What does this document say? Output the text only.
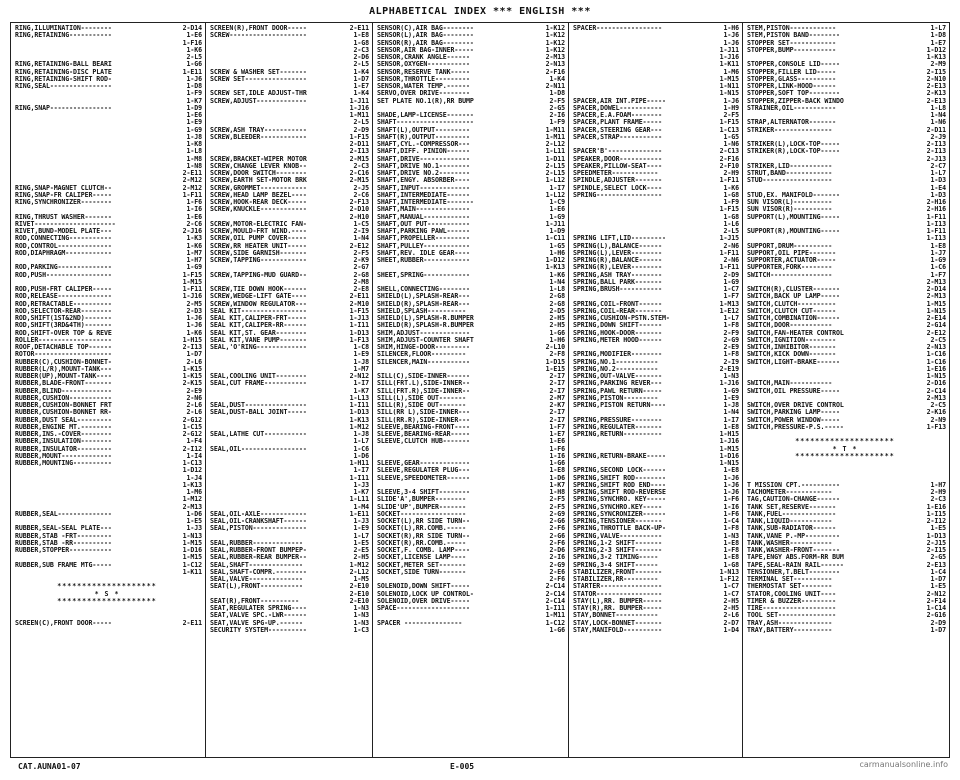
ALPHABETICAL INDEX *** ENGLISH ***
RING,ILLUMINATION--------	2-D14
RING,RETAINING-----------	1-E6
1-F16
1-K6
2-L5
RING,RETAINING-BALL BEARI	1-G6
RING,RETAINING-DISC PLATE	1-E11
RING,RETAINING-SHIFT ROD-	1-J6
RING,SEAL----------------	1-D8
1-F9
1-K7
RING,SNAP----------------	1-D9
1-E6
1-E9
1-G9
1-J8
1-K8
1-L8
1-M8
1-N8
2-E11
2-M12
RING,SNAP-MAGNET CLUTCH--	2-M12
RING,SNAP-FR CALIPER-----	1-F11
RING,SYNCHRONIZER--------	1-F6
1-I6
RING,THRUST WASHER-------	1-E6
RIVET---------------------	2-C6
RIVET,BUND-MODEL PLATE---	2-J16
ROD,CONNECTING-----------	1-K3
ROD,CONTROL--------------	1-K6
ROD,DIAPHRAGM------------	1-M7
1-H7
ROD,PARKING--------------	1-G9
ROD,PUSH-----------------	1-F15
1-M15
ROD,PUSH-FRT CALIPER-----	1-F11
ROD,RELEASE--------------	1-J16
ROD,RETRACTABLE----------	2-M5
ROD,SELECTOR-REAR--------	2-D3
ROD,SHIFT(1ST&2ND)-------	1-J6
ROD,SHIFT(3RD&4TH)-------	1-J6
ROD,SHIFT-OVER TOP & REVE	1-K6
ROLLER-------------------	1-H15
ROOF,DETACHABLE TOP------	2-I13
ROTOR--------------------	1-D7
RUBBER(C),CUSHION-BONNET-	2-L6
RUBBER(L/R),MOUNT-TANK---	1-K15
RUBBER(UP),MOUNT-TANK----	1-K15
RUBBER,BLADE-FRONT-------	2-K15
RUBBER,BLIND-------------	2-E9
RUBBER,CUSHION-----------	2-N6
RUBBER,CUSHION-BONNET FRT	2-L6
RUBBER,CUSHION-BONNET RR-	2-L6
RUBBER,DUST SEAL---------	2-G12
RUBBER,ENGINE MT.--------	1-C15
RUBBER,INS.-COVER--------	2-G12
RUBBER,INSULATION--------	1-F4
RUBBER,INSULATOR---------	2-I12
RUBBER,MOUNT-------------	1-I4
RUBBER,MOUNTING----------	1-C13
1-D12
1-J4
1-K13
1-M6
1-M12
2-M13
RUBBER,SEAL--------------	1-D6
1-E5
RUBBER,SEAL-SEAL PLATE---	1-J3
RUBBER,STAB -FRT---------	1-N13
RUBBER,STAB -RR----------	1-M15
RUBBER,STOPPER-----------	1-D16
1-M15
RUBBER,SUB FRAME MTG-----	1-C12
1-K11
********************
* S *
********************
SCREEN(C),FRONT DOOR-----	2-E11
SCREEN(R),FRONT DOOR-----	2-E11
SCREW--------------------	1-E8
1-G8
2-C3
2-D6
2-L5
SCREW & WASHER SET-------	1-K4
SCREW SET----------------	1-D7
1-E7
SCREW SET,IDLE ADJUST-THR	1-K4
SCREW,ADJUST-------------	1-J11
1-J16
1-M11
2-L5
SCREW,ASH TRAY-----------	2-D9
SCREW,BLEEDER------------	1-F15
2-D11
2-I13
SCREW,BRACKET-WIPER MOTOR	2-M15
SCREW,CHANGE LEVER KNOB--	2-C3
SCREW,DOOR SWITCH--------	2-C16
SCREW,EARTH SET-MOTOR BRK	2-M15
SCREW,GROMMET------------	2-J5
SCREW,HEAD LAMP BEZEL----	2-C6
SCREW,HOOK-REAR DECK-----	2-F13
SCREW,KNUCKLE------------	2-D10
2-H10
SCREW,MOTOR-ELECTRIC FAN-	1-C5
SCREW,MOULD-FRT WIND.----	2-I9
SCREW,OIL PUMP COVER-----	1-N4
SCREW,RR HEATER UNIT-----	2-E12
SCREW,SIDE GARNISH-------	2-F5
SCREW,TAPPING------------	2-K9
2-G7
SCREW,TAPPING-MUD GUARD--	2-G8
2-M8
SCREW,TIE DOWN HOOK------	2-E8
SCREW,WEDGE-LIFT GATE----	2-E11
SCREW,WINDOW REGULATOR---	2-M10
SEAL KIT-----------------	1-F15
SEAL KIT,CALIPER-FRT-----	1-J13
SEAL KIT,CALIPER-RR------	1-I11
SEAL KIT,ST. GEAR--------	1-D13
SEAL KIT,VANE PUMP-------	1-F13
SEAL,'O'RING-------------	1-C8
1-E9
1-J8
1-M7
SEAL,COOLING UNIT--------	2-N12
SEAL,CUT FRAME-----------	1-I7
1-K7
1-L13
SEAL,DUST----------------	1-I11
SEAL,DUST-BALL JOINT-----	1-D13
1-K13
1-M12
SEAL,LATHE CUT-----------	1-J8
1-L7
SEAL,OIL-----------------	1-C6
1-D6
1-H11
1-I7
1-I11
1-J3
1-K7
1-L11
1-M4
SEAL,OIL-AXLE------------	1-E11
SEAL,OIL-CRANKSHAFT------	1-J3
SEAL,PISTON--------------	1-E9
1-L7
SEAL,RUBBER-------------	1-E5
SEAL,RUBBER-FRONT BUMPEP-	2-E5
SEAL,RUBBER-REAR BUMPER--	2-H5
SEAL,SHAFT--------------	1-M12
SEAL,SHAFT-COMPR.--------	2-L12
SEAL,VALVE--------------	1-M5
SEAT(L),FRONT-----------	2-E10
2-E10
SEAT(R),FRONT----------	2-E10
SEAT,REGULATER SPRING----	1-N3
SEAT,VALVE SPC.-LWR------	1-N3
SEAT,VALVE SPG-UP.------	1-N3
SECURITY SYSTEM----------	1-C3
SENSOR(C),AIR BAG--------	1-K12
SENSOR(L),AIR BAG--------	1-K12
SENSOR(R),AIR BAG--------	1-K12
SENSOR,AIR BAG-INNER-----	1-K12
SENSOR,CRANK ANGLE------	2-M13
SENSOR,OXYGEN-----------	2-N13
SENSOR,RESERVE TANK-----	2-F16
SENSOR,THROTTLE---------	1-K4
SENSOR,WATER TEMP.------	2-N11
SERVO,OVER DRIVE--------	1-D8
SET PLATE NO.1(R),RR BUMP	2-F5
2-G5
SHADE,LAMP-LICENSE-------	2-I6
SHAFT--------------------	1-F9
SHAFT(L),OUTPUT---------	1-M11
SHAFT(R),OUTPUT---------	1-M11
SHAFT,CYL.-COMPRESSOR---	2-L12
SHAFT,DIFF. PINION------	1-L11
SHAFT,DRIVE-------------	1-D11
SHAFT,DRIVE NO.1--------	2-L15
SHAFT,DRIVE NO.2--------	2-L15
SHAFT,ENGY. ABSORBER----	1-L12
SHAFT,INPUT-------------	1-I7
SHAFT,INTERMEDIATE------	1-L12
SHAFT,INTERMEDIATE-------	1-C9
SHAFT,MAIN--------------	1-E6
SHAFT,MANUAL------------	1-G9
SHAFT,OUT PUT-----------	1-J11
SHAFT,PARKING PAWL------	1-D9
SHAFT,PROPELLER---------	1-C11
SHAFT,PULLEY------------	1-G5
SHAFT,REV. IDLE GEAR----	1-H6
SHEET,RUBBER------------	1-D12
1-K13
SHEET,SPRING------------	1-K6
1-N4
SHELL,CONNECTING--------	1-L8
SHIELD(L),SPLASH-REAR---	2-G8
SHIELD(R),SPLASH-REAR---	2-G8
SHIELD,SPLASH----------	2-D5
SHIELD(L),SPLASH-R.BUMPER	2-H5
SHIELD(R),SPLASH-R.BUMPER	2-H5
SHIM,ADJUST-------------	1-G6
SHIM,ADJUST-COUNTER SHAFT	1-H6
SHIM,HINGE-DOOR---------	2-L10
SILENCER,FLOOR---------	2-F8
SILENCER,MAIN-----------	1-D15
1-E15
SILL(C),SIDE-INNER------	2-I7
SILL(FRT.L),SIDE-INNER--	2-I7
SILL(FRT.R),SIDE-INNER--	2-I7
SILL(L),SIDE OUT-------	2-M7
SILL(R),SIDE OUT-------	2-K7
SILL(RR L),SIDE-INNER---	2-I7
SILL(RR.R),SIDE-INNER---	2-I7
SLEEVE,BEARING-FRONT----	1-F7
SLEEVE,BEARING-REAR-----	1-E7
SLEEVE,CLUTCH HUB-------	1-E6
1-F6
1-I6
SLEEVE,GEAR-------------	1-G6
SLEEVE,REGULATER PLUG---	1-E8
SLEEVE,SPEEDOMETER------	1-D6
1-K7
SLEEVE,3-4 SHIFT--------	1-H8
SLIDE'A',BUMPER--------	2-F5
SLIDE'UP',BUMPER-------	2-F5
SOCKET-----------------	2-G9
SOCKET(L),RR SIDE TURN--	2-G6
SOCKET(L),RR.COMB.-----	2-F6
SOCKET(R),RR SIDE TURN--	2-G6
SOCKET(R),RR.COMB.-----	2-F6
SOCKET,F. COMB. LAMP----	2-D6
SOCKET,LICENSE LAMP----	2-I6
SOCKET,METER SET-------	2-G9
SOCKET,SIDE TURN-------	2-E6
2-F6
SOLENOID,DOWN SHIFT-----	2-C14
SOLENOID,LOCK UP CONTROL-	2-C14
SOLENOID,OVER DRIVE-----	2-C14
SPACE-------------------	1-I11
1-M11
SPACER ---------------	1-C12
1-G6
SPACER-----------------	1-H6
1-J6
1-J6
1-J11
1-J16
1-K11
1-M6
1-M15
1-N11
1-N15
SPACER,AIR INT.PIPE-----	1-J6
SPACER,DOWEL-----------	1-H9
SPACER,E.A.FOAM--------	2-F5
SPACER,PLANT FRAME-----	1-F15
SPACER,STEERING GEAR---	1-C13
SPACER,STRAP-----------	1-G5
1-N6
SPACER'B'--------------	2-C13
SPEAKER,DOOR-----------	2-F16
SPEAKER,PILLOW-SEAT----	2-F10
SPEEDMETER------------	2-H9
SPINDLE,ADJUSTER-------	1-F11
SPINDLE,SELECT LOCK----	1-K6
SPRING-----------------	1-G8
1-F9
1-F15
1-G8
1-L6
2-L5
SPRING LIFT,LID---------	1-J15
SPRING(L),BALANCE------	2-N6
SPRING(L),LEVER--------	1-F11
SPRING(R),BALANCE------	2-N6
SPRING(R),LEVER--------	1-F11
SPRING,ASH TRAY--------	2-D9
SPRING,BALL PARK-------	1-G9
SPRING,BRUSH-----------	1-C7
1-F7
SPRING,COIL-FRONT------	1-M13
SPRING,COIL-REAR-------	1-E12
SPRING,CUSHION-PSTN.STEM-	1-L7
SPRING,DOWN SHIFT------	1-F8
SPRING,HOOK-DOOR-------	2-F9
SPRING,METER HOOD------	2-G9
2-E9
SPRING,MODIFIER--------	1-F8
SPRING,NO.1-----------	2-I9
SPRING,NO.2-----------	2-E19
SPRING,OUT-VALVE-------	1-N3
SPRING,PARKING REVER---	1-J16
SPRING,PAWL RETURN-----	1-G9
SPRING,PISTON---------	1-E9
SPRING,PISTON RETURN----	1-J8
1-N4
SPRING,PRESSURE--------	1-I7
SPRING,REGULATER-------	1-E8
SPRING,RETURN----------	1-H15
1-J16
1-M15
SPRING,RETURN-BRAKE-----	1-D16
1-N15
SPRING,SECOND LOCK------	1-E8
SPRING,SHIFT ROD--------	1-J6
SPRING,SHIFT ROD END----	1-J6
SPRING,SHIFT ROD-REVERSE	1-J6
SPRING,SYNCHRO. KEY-----	1-F6
SPRING,SYNCHRO.KEY-----	1-I6
SPRING,SYNCRONIZER------	1-F6
SPRING,TENSIONER-------	1-C4
SPRING,THROTTLE BACK-UP-	1-F8
SPRING,VALVE-----------	1-N3
SPRING,1-2 SHIFT-------	1-E8
SPRING,2-3 SHIFT-------	1-F8
SPRING,3-2 TIMING-----	1-E8
SPRING,3-4 SHIFT------	1-G8
STABILIZER,FRONT-------	1-N13
STABILIZER,RR---------	1-F12
STARTER----------------	1-C7
STATOR-----------------	1-C7
STAY(L),RR. BUMPER-----	2-H5
STAY(R),RR. BUMPER-----	2-H5
STAY,BONNET-----------	2-L6
STAY,LOCK-BONNET-------	2-D7
STAY,MANIFOLD----------	1-D4
STEM,PISTON------------	1-L7
STEM,PISTON BAND--------	1-D8
STOPPER SET------------	1-E7
STOPPER,BUMP-----------	1-D12
1-K13
STOPPER,CONSOLE LID-----	2-M9
STOPPER,FILLER LID-----	2-I15
STOPPER,GLASS----------	2-N10
STOPPER,LINK-HOOD------	2-E13
STOPPER,SOFT TOP--------	2-K13
STOPPER,ZIPPER-BACK WINDO	2-E13
STRAINER,OIL-----------	1-L8
1-N4
STRAP,ALTERNATOR-------	1-N6
STRIKER---------------	2-D11
2-J9
STRIKER(L),LOCK-TOP-----	2-I13
STRIKER(R),LOCK-TOP-----	2-I13
2-J13
STRIKER,LID-----------	2-C7
STRUT,BAND------------	1-L7
STUD------------------	1-D3
1-E4
STUD,EX. MANIFOLD-------	1-D3
SUN VISOR(L)----------	2-H16
SUN VISOR(R)----------	2-H16
SUPPORT(L),MOUNTING-----	1-F11
1-I13
SUPPORT(R),MOUNTING-----	1-F11
1-I13
SUPPORT,DRUM----------	1-E8
SUPPORT,OIL PIPE-------	1-J7
SUPPORTER,ACTUATOR-----	1-G9
SUPPORTER,FORK--------	1-C6
SWITCH----------------	1-F7
2-M13
SWITCH(R),CLUSTER-------	2-D14
SWITCH,BACK UP LAMP-----	2-M13
SWITCH,CLUTCH----------	1-M15
SWITCH,CLUTCH CUT------	1-N15
SWITCH,COMBINATION------	2-E14
SWITCH,DOOR-----------	2-G14
SWITCH,FAN-HEATER CONTROL	2-E12
SWITCH,IGNITION--------	2-C5
SWITCH,INHIBITOR-------	2-N13
SWITCH,KICK DOWN-------	1-C16
SWITCH,LIGHT-BRAKE------	1-C16
1-E16
1-N15
SWITCH,MAIN-----------	2-D16
SWITCH,OIL PRESSURE-----	2-C14
2-M13
SWITCH,OVER DRIVE CONTROL	2-C5
SWITCH,PARKING LAMP-----	2-K16
SWITCH,POWER WINDOW-----	2-N9
SWITCH,PRESSURE-P.S.-----	1-F13
********************
* T *
********************
T MISSION CPT.----------	1-H7
TACHOMETER------------	2-H9
TAG,CAUTION-CHANGE------	2-C3
TANK SET,RESERVE-------	1-E16
TANK,FUEL--------------	1-I15
TANK,LIQUID-----------	2-I12
TANK,SUB-RADIATOR------	1-E5
TANK,VANE P.-MP---------	1-D13
TANK,WASHER-----------	2-J15
TANK,WASHER-FRONT-------	2-I15
TAPE,ENGY ABS.FORM-RR BUM	2-G5
TAPE,SEAL-RAIN RAIL------	2-E13
TENSIONER,T.BELT--------	1-C4
TERMINAL SET----------	1-D7
THERMOSTAT SET--------	1-E5
STATOR,COOLING UNIT----	2-N12
TIMER & BUZZER---------	2-F14
TIRE-------------------	1-C14
TOOL SET---------------	2-G16
TRAY,ASH--------------	2-D9
TRAY,BATTERY----------	1-D7
CAT.AUNA01-07	E-005	carmanualsonline.info
